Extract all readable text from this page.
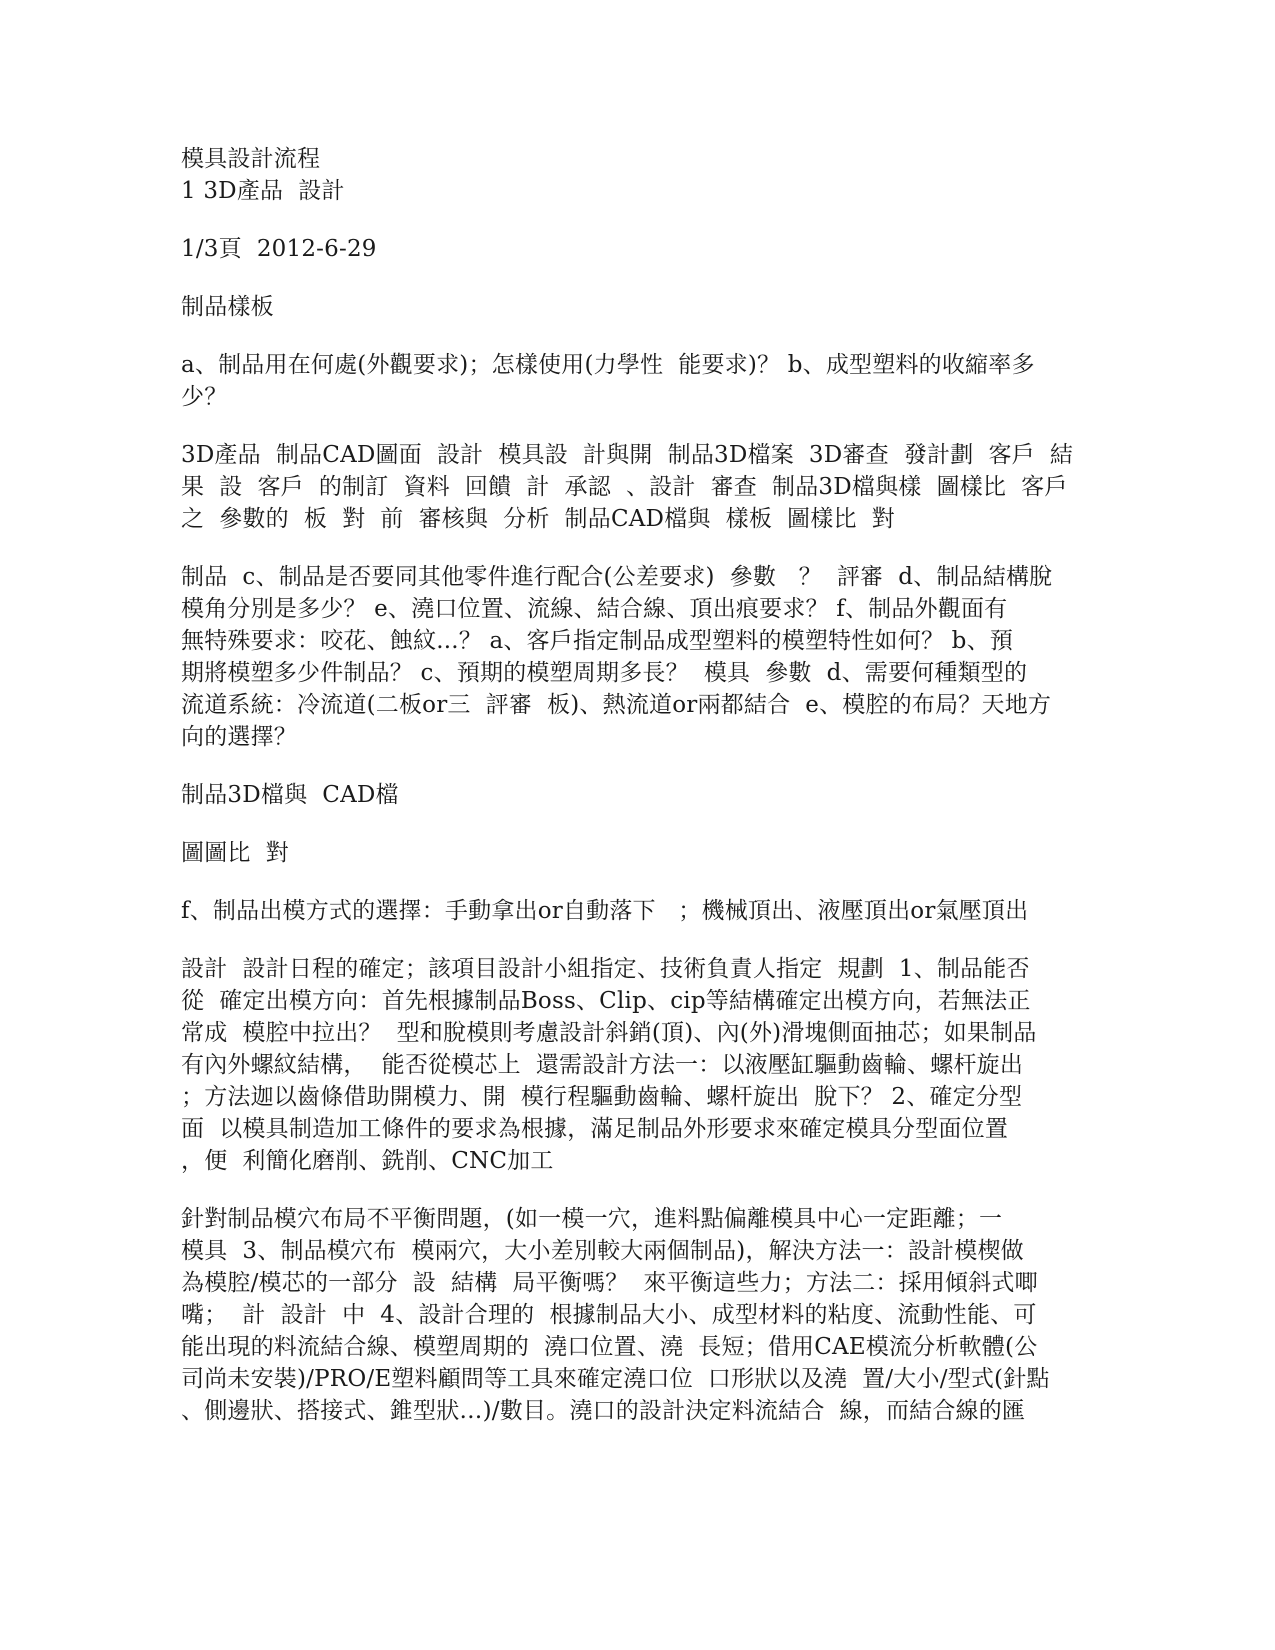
模具設計流程
1 3D產品  設計
1/3頁  2012-6-29
制品樣板
a、制品用在何處(外觀要求)；怎樣使用(力學性  能要求)？ b、成型塑料的收縮率多
少？
3D產品  制品CAD圖面  設計  模具設  計與開  制品3D檔案  3D審查  發計劃  客戶  結
果  設  客戶  的制訂  資料  回饋  計  承認  、設計  審查  制品3D檔與樣  圖樣比  客戶
之  參數的  板  對  前  審核與  分析  制品CAD檔與  樣板  圖樣比  對
制品  c、制品是否要同其他零件進行配合(公差要求)  參數   ？  評審  d、制品結構脫
模角分別是多少？ e、澆口位置、流線、結合線、頂出痕要求？ f、制品外觀面有
無特殊要求：咬花、蝕紋...？ a、客戶指定制品成型塑料的模塑特性如何？ b、預
期將模塑多少件制品？ c、預期的模塑周期多長？  模具  參數  d、需要何種類型的
流道系統：冷流道(二板or三  評審  板)、熱流道or兩都結合  e、模腔的布局？天地方
向的選擇？
制品3D檔與  CAD檔
圖圖比  對
f、制品出模方式的選擇：手動拿出or自動落下   ；機械頂出、液壓頂出or氣壓頂出
設計  設計日程的確定；該項目設計小組指定、技術負責人指定  規劃  1、制品能否
從  確定出模方向：首先根據制品Boss、Clip、cip等結構確定出模方向，若無法正
常成  模腔中拉出？  型和脫模則考慮設計斜銷(頂)、內(外)滑塊側面抽芯；如果制品
有內外螺紋結構，  能否從模芯上  還需設計方法一：以液壓缸驅動齒輪、螺杆旋出
；方法迦以齒條借助開模力、開  模行程驅動齒輪、螺杆旋出  脫下？ 2、確定分型
面  以模具制造加工條件的要求為根據，滿足制品外形要求來確定模具分型面位置
，便  利簡化磨削、銑削、CNC加工
針對制品模穴布局不平衡問題，(如一模一穴，進料點偏離模具中心一定距離；一
模具  3、制品模穴布  模兩穴，大小差別較大兩個制品)，解決方法一：設計模楔做
為模腔/模芯的一部分  設  結構  局平衡嗎？  來平衡這些力；方法二：採用傾斜式唧
嘴；  計  設計  中  4、設計合理的  根據制品大小、成型材料的粘度、流動性能、可
能出現的料流結合線、模塑周期的  澆口位置、澆  長短；借用CAE模流分析軟體(公
司尚未安裝)/PRO/E塑料顧問等工具來確定澆口位  口形狀以及澆  置/大小/型式(針點
、側邊狀、搭接式、錐型狀…)/數目。澆口的設計決定料流結合  線，而結合線的匯
